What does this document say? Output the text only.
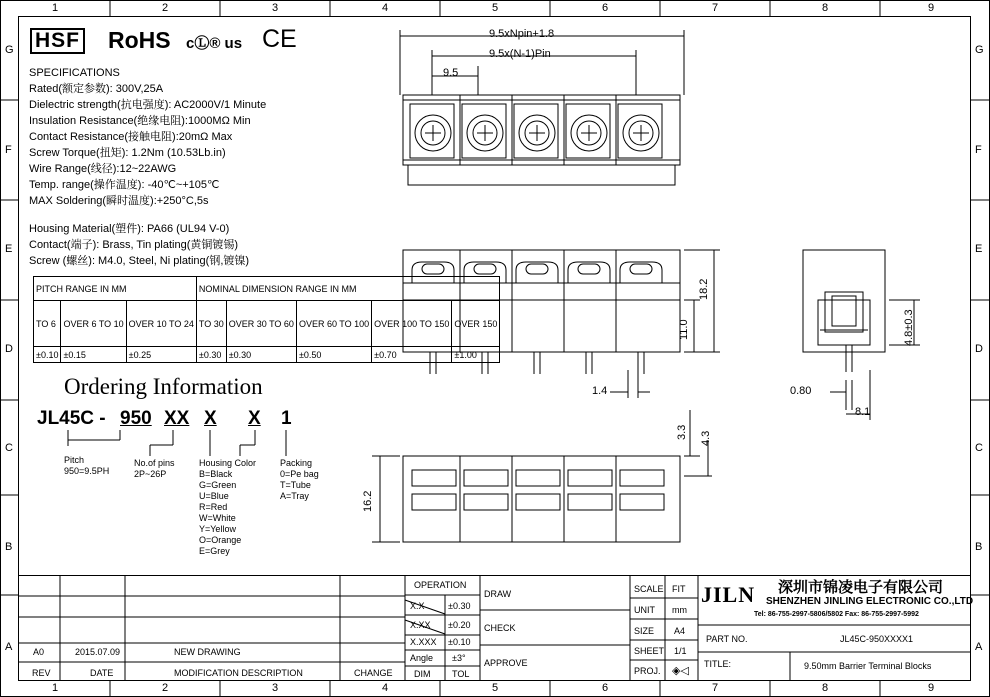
1	2	3	4	5	6	7	8	9
1	2	3	4	5	6	7	8	9
G
F
E
D
C
B
A
G
F
E
D
C
B
A
HSF RoHS cⓁ® us CE
SPECIFICATIONS
Rated(额定参数): 300V,25A
Dielectric strength(抗电强度): AC2000V/1 Minute
Insulation Resistance(绝缘电阻):1000MΩ Min
Contact Resistance(接触电阻):20mΩ Max
Screw Torque(扭矩): 1.2Nm (10.53Lb.in)
Wire Range(线径):12~22AWG
Temp. range(操作温度): -40℃~+105℃
MAX Soldering(瞬时温度):+250°C,5s
Housing Material(塑件): PA66 (UL94 V-0)
Contact(端子): Brass, Tin plating(黄铜镀锡)
Screw (螺丝): M4.0, Steel, Ni plating(钢,镀镍)
PITCH RANGE IN MM			NOMINAL DIMENSION RANGE IN MM				
TO 6	OVER 6 TO 10	OVER 10 TO 24	TO 30	OVER 30 TO 60	OVER 60 TO 100	OVER 100 TO 150	OVER 150
±0.10	±0.15	±0.25	±0.30	±0.30	±0.50	±0.70	±1.00
Ordering Information
JL45C - 950 XX X X 1
Pitch
950=9.5PH
No.of pins
2P~26P
Housing Color
B=Black
G=Green
U=Blue
R=Red
W=White
Y=Yellow
O=Orange
E=Grey
Packing
0=Pe bag
T=Tube
A=Tray
9.5xNpin+1.8
9.5x(N-1)Pin
9.5
18.2
11.0
1.4
4.8±0.3
0.80
8.1
16.2
3.3 4.3
OPERATION
X.X	±0.30
X.XX ±0.20
X.XXX ±0.10
Angle ±3°
DIM TOL
DRAW
CHECK
APPROVE
SCALE FIT
UNIT mm
SIZE A4
SHEET 1/1
PROJ. ◈◁
JILN 深圳市锦凌电子有限公司
SHENZHEN JINLING ELECTRONIC CO.,LTD
Tel: 86-755-2997-5806/5802 Fax: 86-755-2997-5992
PART NO.	JL45C-950XXXX1
TITLE:	9.50mm Barrier Terminal Blocks
REV	DATE	MODIFICATION DESCRIPTION	CHANGE
A0	2015.07.09	NEW DRAWING
